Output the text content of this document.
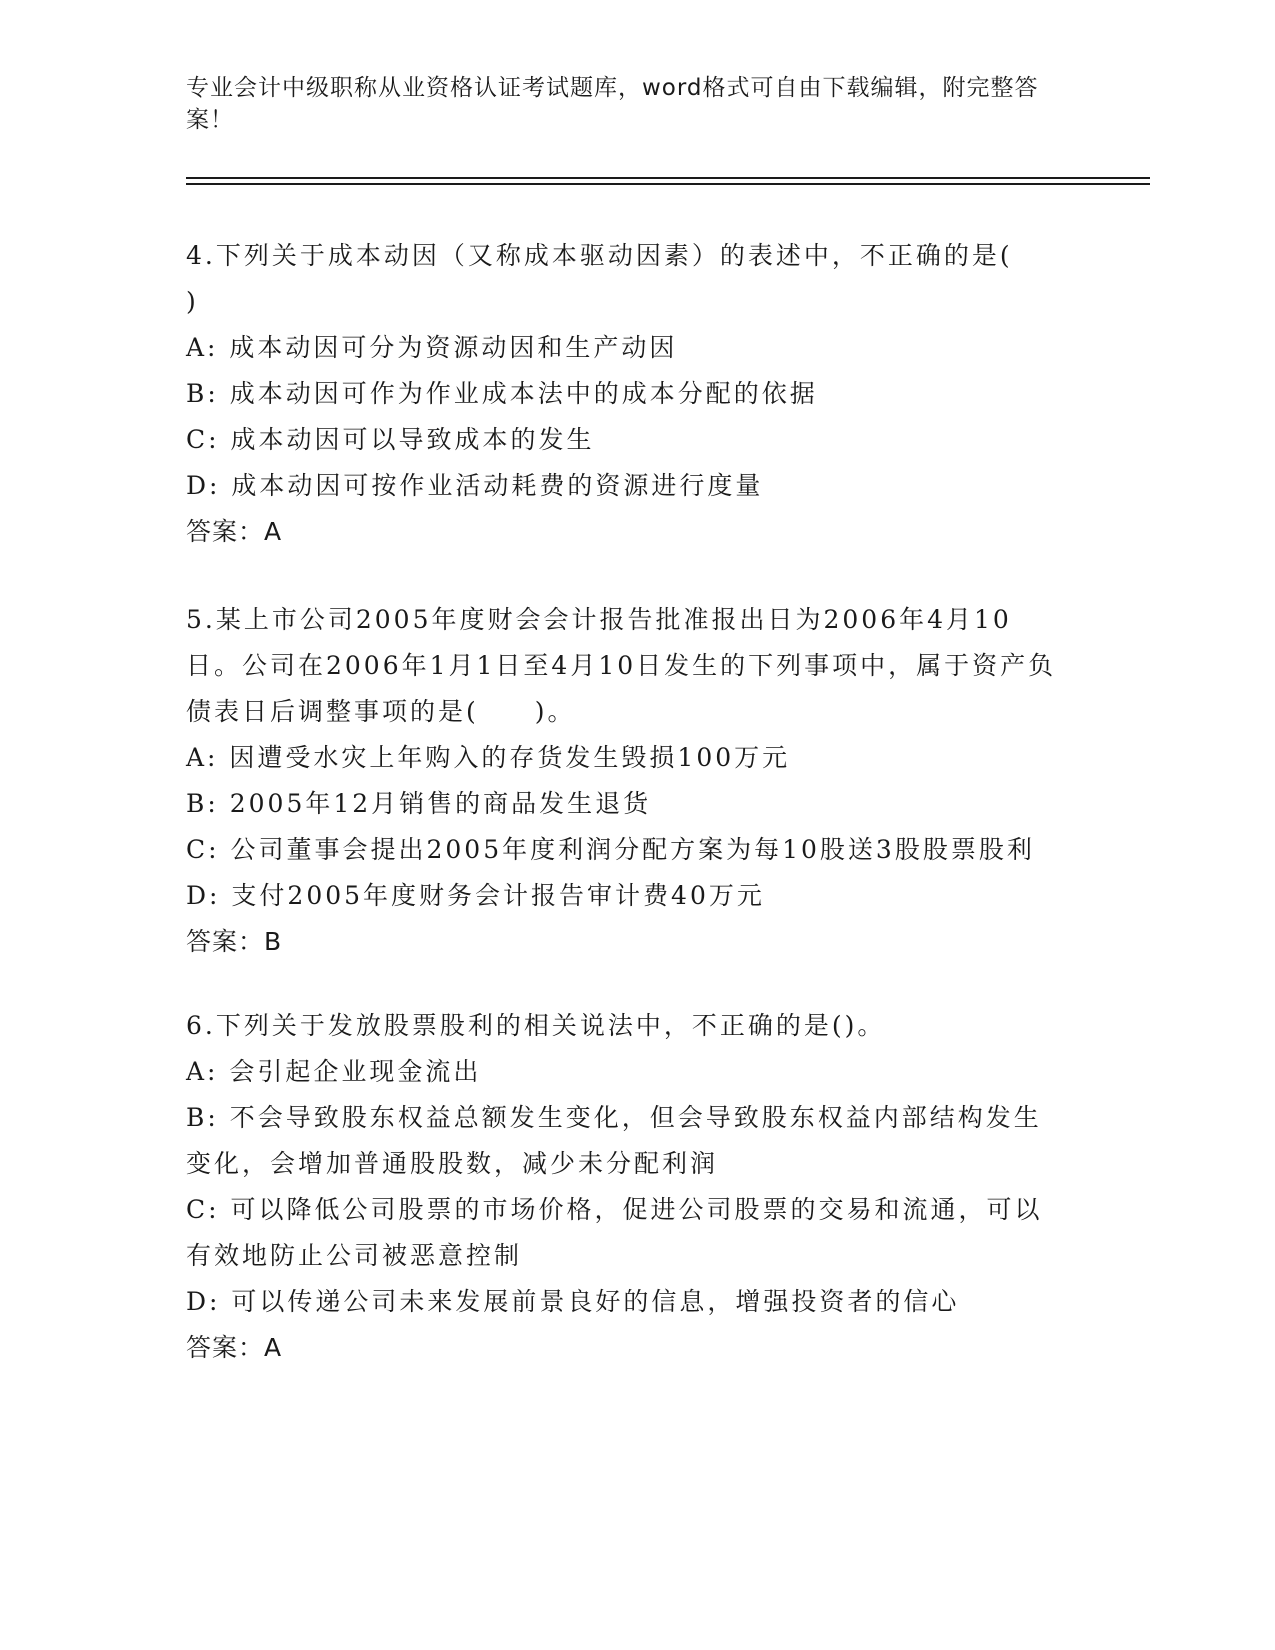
专业会计中级职称从业资格认证考试题库，word格式可自由下载编辑，附完整答案！
4.下列关于成本动因（又称成本驱动因素）的表述中，不正确的是(    )
A: 成本动因可分为资源动因和生产动因
B: 成本动因可作为作业成本法中的成本分配的依据
C: 成本动因可以导致成本的发生
D: 成本动因可按作业活动耗费的资源进行度量
答案：A
5.某上市公司2005年度财会会计报告批准报出日为2006年4月10日。公司在2006年1月1日至4月10日发生的下列事项中，属于资产负债表日后调整事项的是(　　)。
A: 因遭受水灾上年购入的存货发生毁损100万元
B: 2005年12月销售的商品发生退货
C: 公司董事会提出2005年度利润分配方案为每10股送3股股票股利
D: 支付2005年度财务会计报告审计费40万元
答案：B
6.下列关于发放股票股利的相关说法中，不正确的是()。
A: 会引起企业现金流出
B: 不会导致股东权益总额发生变化，但会导致股东权益内部结构发生变化，会增加普通股股数，减少未分配利润
C: 可以降低公司股票的市场价格，促进公司股票的交易和流通，可以有效地防止公司被恶意控制
D: 可以传递公司未来发展前景良好的信息，增强投资者的信心
答案：A
